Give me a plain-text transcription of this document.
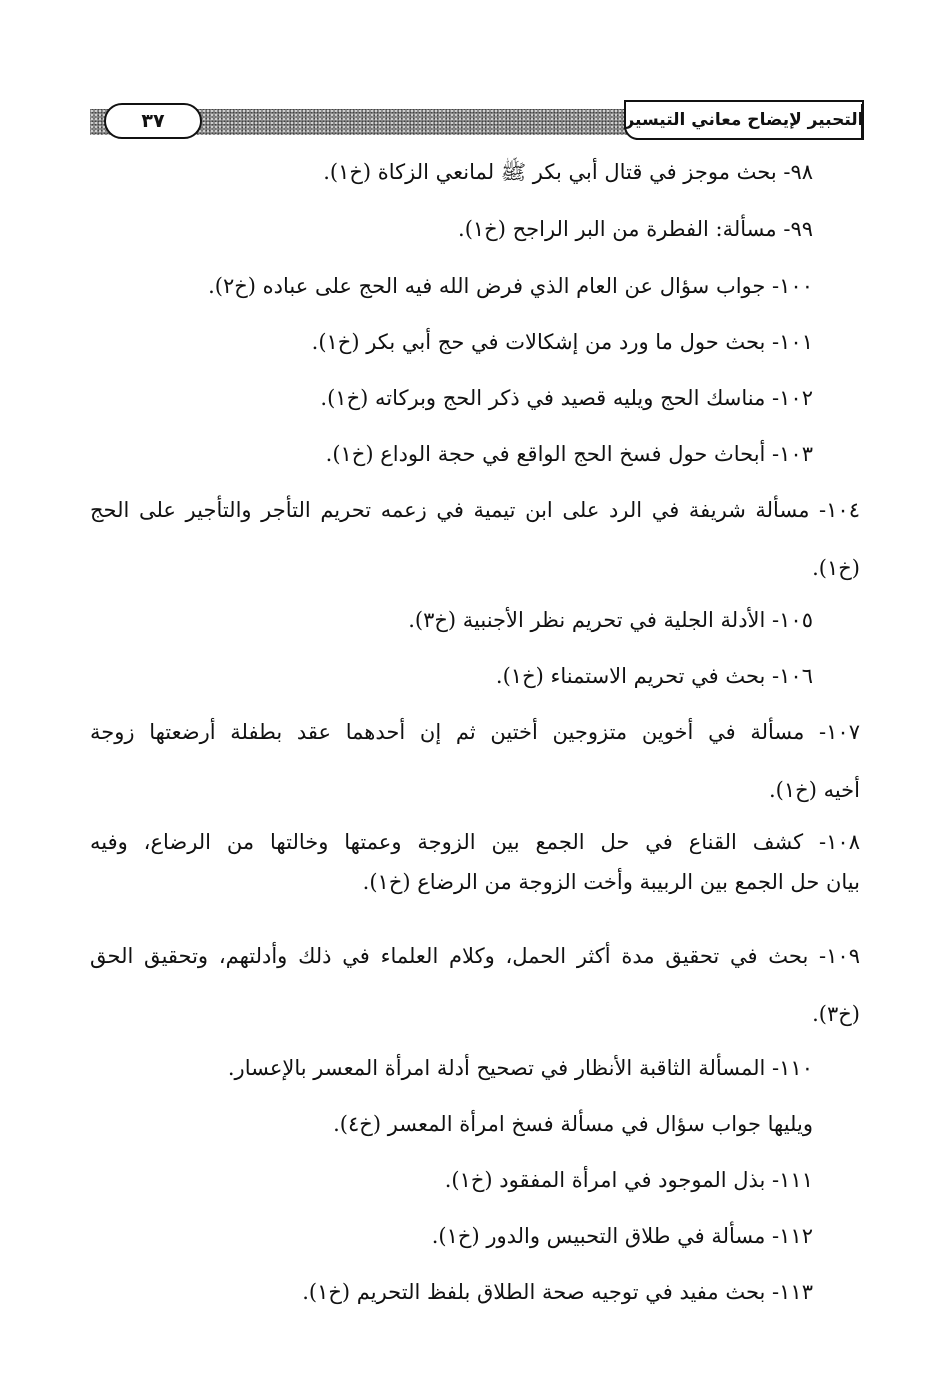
٣٧	التحبير لإيضاح معاني التيسير
٩٨- بحث موجز في قتال أبي بكر ﷺ لمانعي الزكاة (خ١).
٩٩- مسألة: الفطرة من البر الراجح (خ١).
١٠٠- جواب سؤال عن العام الذي فرض الله فيه الحج على عباده (خ٢).
١٠١- بحث حول ما ورد من إشكالات في حج أبي بكر (خ١).
١٠٢- مناسك الحج ويليه قصيد في ذكر الحج وبركاته (خ١).
١٠٣- أبحاث حول فسخ الحج الواقع في حجة الوداع (خ١).
١٠٤- مسألة شريفة في الرد على ابن تيمية في زعمه تحريم التأجر والتأجير على الحج
(خ١).
١٠٥- الأدلة الجلية في تحريم نظر الأجنبية (خ٣).
١٠٦- بحث في تحريم الاستمناء (خ١).
١٠٧- مسألة في أخوين متزوجين أختين ثم إن أحدهما عقد بطفلة أرضعتها زوجة
أخيه (خ١).
١٠٨- كشف القناع في حل الجمع بين الزوجة وعمتها وخالتها من الرضاع، وفيه
بيان حل الجمع بين الربيبة وأخت الزوجة من الرضاع (خ١).
١٠٩- بحث في تحقيق مدة أكثر الحمل، وكلام العلماء في ذلك وأدلتهم، وتحقيق الحق
(خ٣).
١١٠- المسألة الثاقبة الأنظار في تصحيح أدلة امرأة المعسر بالإعسار.
ويليها جواب سؤال في مسألة فسخ امرأة المعسر (خ٤).
١١١- بذل الموجود في امرأة المفقود (خ١).
١١٢- مسألة في طلاق التحبيس والدور (خ١).
١١٣- بحث مفيد في توجيه صحة الطلاق بلفظ التحريم (خ١).
